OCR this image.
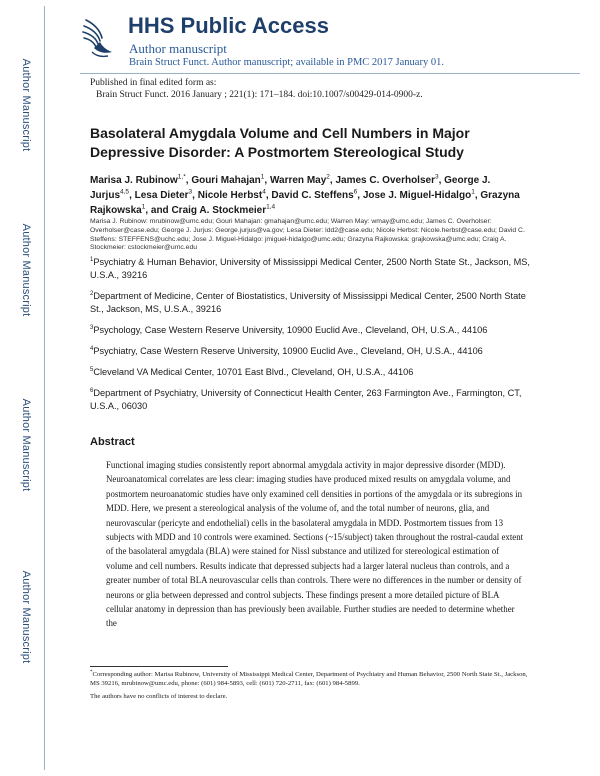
Author Manuscript
Author Manuscript
Author Manuscript
Author Manuscript
HHS Public Access
Author manuscript
Brain Struct Funct. Author manuscript; available in PMC 2017 January 01.
Published in final edited form as:
Brain Struct Funct. 2016 January ; 221(1): 171–184. doi:10.1007/s00429-014-0900-z.
Basolateral Amygdala Volume and Cell Numbers in Major Depressive Disorder: A Postmortem Stereological Study
Marisa J. Rubinow$^{1,*}$, Gouri Mahajan$^1$, Warren May$^2$, James C. Overholser$^3$, George J. Jurjus$^{4,5}$, Lesa Dieter$^3$, Nicole Herbst$^4$, David C. Steffens$^6$, Jose J. Miguel-Hidalgo$^1$, Grazyna Rajkowska$^1$, and Craig A. Stockmeier$^{1,4}$
Marisa J. Rubinow: mrubinow@umc.edu; Gouri Mahajan: gmahajan@umc.edu; Warren May: wmay@umc.edu; James C. Overholser: Overholser@case.edu; George J. Jurjus: George.jurjus@va.gov; Lesa Dieter: ldd2@case.edu; Nicole Herbst: Nicole.herbst@case.edu; David C. Steffens: STEFFENS@uchc.edu; Jose J. Miguel-Hidalgo: jmiguel-hidalgo@umc.edu; Grazyna Rajkowska: grajkowska@umc.edu; Craig A. Stockmeier: cstockmeier@umc.edu

$^1$Psychiatry & Human Behavior, University of Mississippi Medical Center, 2500 North State St., Jackson, MS, U.S.A., 39216

$^2$Department of Medicine, Center of Biostatistics, University of Mississippi Medical Center, 2500 North State St., Jackson, MS, U.S.A., 39216

$^3$Psychology, Case Western Reserve University, 10900 Euclid Ave., Cleveland, OH, U.S.A., 44106

$^4$Psychiatry, Case Western Reserve University, 10900 Euclid Ave., Cleveland, OH, U.S.A., 44106

$^5$Cleveland VA Medical Center, 10701 East Blvd., Cleveland, OH, U.S.A., 44106

$^6$Department of Psychiatry, University of Connecticut Health Center, 263 Farmington Ave., Farmington, CT, U.S.A., 06030

Abstract

Functional imaging studies consistently report abnormal amygdala activity in major depressive disorder (MDD). Neuroanatomical correlates are less clear: imaging studies have produced mixed results on amygdala volume, and postmortem neuroanatomic studies have only examined cell densities in portions of the amygdala or its subregions in MDD. Here, we present a stereological analysis of the volume of, and the total number of neurons, glia, and neurovascular (pericyte and endothelial) cells in the basolateral amygdala in MDD. Postmortem tissues from 13 subjects with MDD and 10 controls were examined. Sections (~15/subject) taken throughout the rostral-caudal extent of the basolateral amygdala (BLA) were stained for Nissl substance and utilized for stereological estimation of volume and cell numbers. Results indicate that depressed subjects had a larger lateral nucleus than controls, and a greater number of total BLA neurovascular cells than controls. There were no differences in the number or density of neurons or glia between depressed and control subjects. These findings present a more detailed picture of BLA cellular anatomy in depression than has previously been available. Further studies are needed to determine whether the

*Corresponding author: Marisa Rubinow, University of Mississippi Medical Center, Department of Psychiatry and Human Behavior, 2500 North State St., Jackson, MS 39216, mrubinow@umc.edu, phone: (601) 984-5893, cell: (601) 720-2711, fax: (601) 984-5899.
The authors have no conflicts of interest to declare.
